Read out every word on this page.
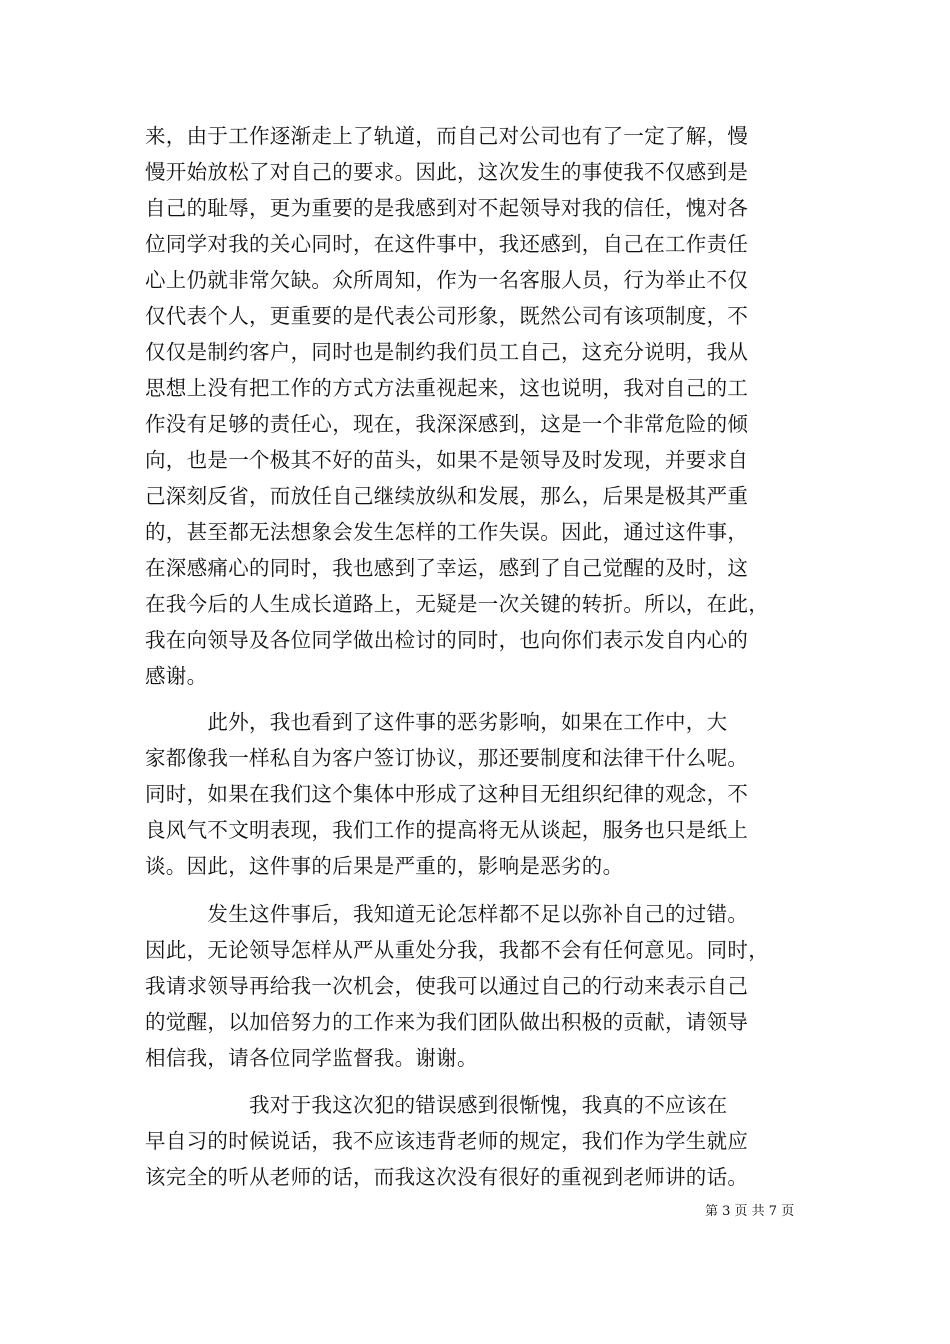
来，由于工作逐渐走上了轨道，而自己对公司也有了一定了解，慢
慢开始放松了对自己的要求。因此，这次发生的事使我不仅感到是
自己的耻辱，更为重要的是我感到对不起领导对我的信任，愧对各
位同学对我的关心同时，在这件事中，我还感到，自己在工作责任
心上仍就非常欠缺。众所周知，作为一名客服人员，行为举止不仅
仅代表个人，更重要的是代表公司形象，既然公司有该项制度，不
仅仅是制约客户，同时也是制约我们员工自己，这充分说明，我从
思想上没有把工作的方式方法重视起来，这也说明，我对自己的工
作没有足够的责任心，现在，我深深感到，这是一个非常危险的倾
向，也是一个极其不好的苗头，如果不是领导及时发现，并要求自
己深刻反省，而放任自己继续放纵和发展，那么，后果是极其严重
的，甚至都无法想象会发生怎样的工作失误。因此，通过这件事，
在深感痛心的同时，我也感到了幸运，感到了自己觉醒的及时，这
在我今后的人生成长道路上，无疑是一次关键的转折。所以，在此，
我在向领导及各位同学做出检讨的同时，也向你们表示发自内心的
感谢。
　　　此外，我也看到了这件事的恶劣影响，如果在工作中，大
家都像我一样私自为客户签订协议，那还要制度和法律干什么呢。
同时，如果在我们这个集体中形成了这种目无组织纪律的观念，不
良风气不文明表现，我们工作的提高将无从谈起，服务也只是纸上
谈。因此，这件事的后果是严重的，影响是恶劣的。
　　　发生这件事后，我知道无论怎样都不足以弥补自己的过错。
因此，无论领导怎样从严从重处分我，我都不会有任何意见。同时，
我请求领导再给我一次机会，使我可以通过自己的行动来表示自己
的觉醒，以加倍努力的工作来为我们团队做出积极的贡献，请领导
相信我，请各位同学监督我。谢谢。
　　　　　我对于我这次犯的错误感到很惭愧，我真的不应该在
早自习的时候说话，我不应该违背老师的规定，我们作为学生就应
该完全的听从老师的话，而我这次没有很好的重视到老师讲的话。
第 3 页 共 7 页
